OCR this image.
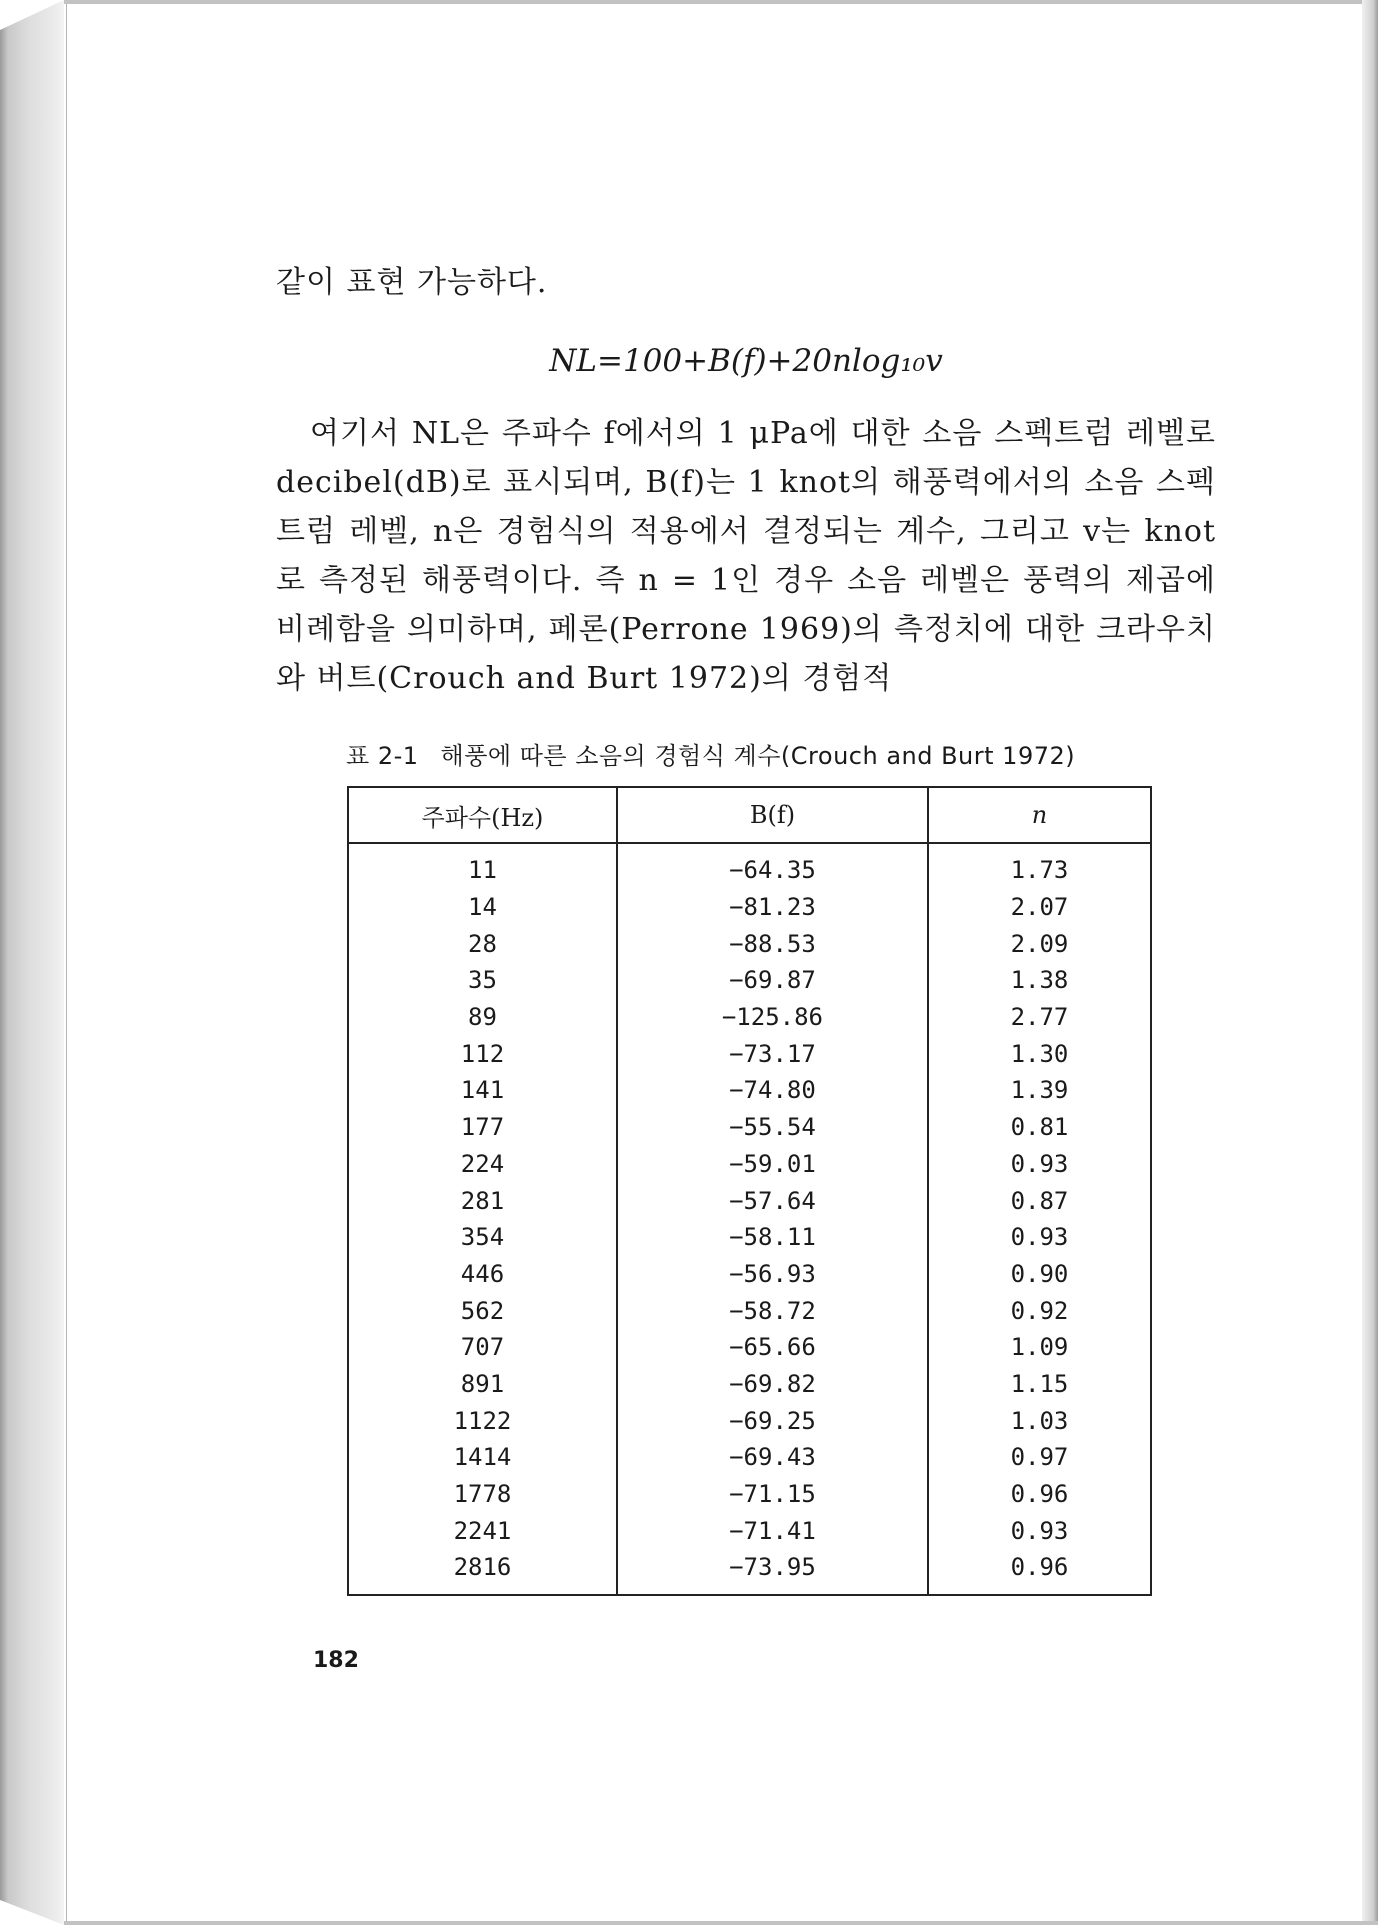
같이 표현 가능하다.

NL=100+B(f)+20nlog₁₀v

여기서 NL은 주파수 f에서의 1 μPa에 대한 소음 스펙트럼 레벨로 decibel(dB)로 표시되며, B(f)는 1 knot의 해풍력에서의 소음 스펙트럼 레벨, n은 경험식의 적용에서 결정되는 계수, 그리고 v는 knot로 측정된 해풍력이다. 즉 n = 1인 경우 소음 레벨은 풍력의 제곱에 비례함을 의미하며, 페론(Perrone 1969)의 측정치에 대한 크라우치와 버트(Crouch and Burt 1972)의 경험적

표 2-1 해풍에 따른 소음의 경험식 계수(Crouch and Burt 1972)
주파수(Hz)	B(f)	n
11	−64.35	1.73
14	−81.23	2.07
28	−88.53	2.09
35	−69.87	1.38
89	−125.86	2.77
112	−73.17	1.30
141	−74.80	1.39
177	−55.54	0.81
224	−59.01	0.93
281	−57.64	0.87
354	−58.11	0.93
446	−56.93	0.90
562	−58.72	0.92
707	−65.66	1.09
891	−69.82	1.15
1122	−69.25	1.03
1414	−69.43	0.97
1778	−71.15	0.96
2241	−71.41	0.93
2816	−73.95	0.96
182
